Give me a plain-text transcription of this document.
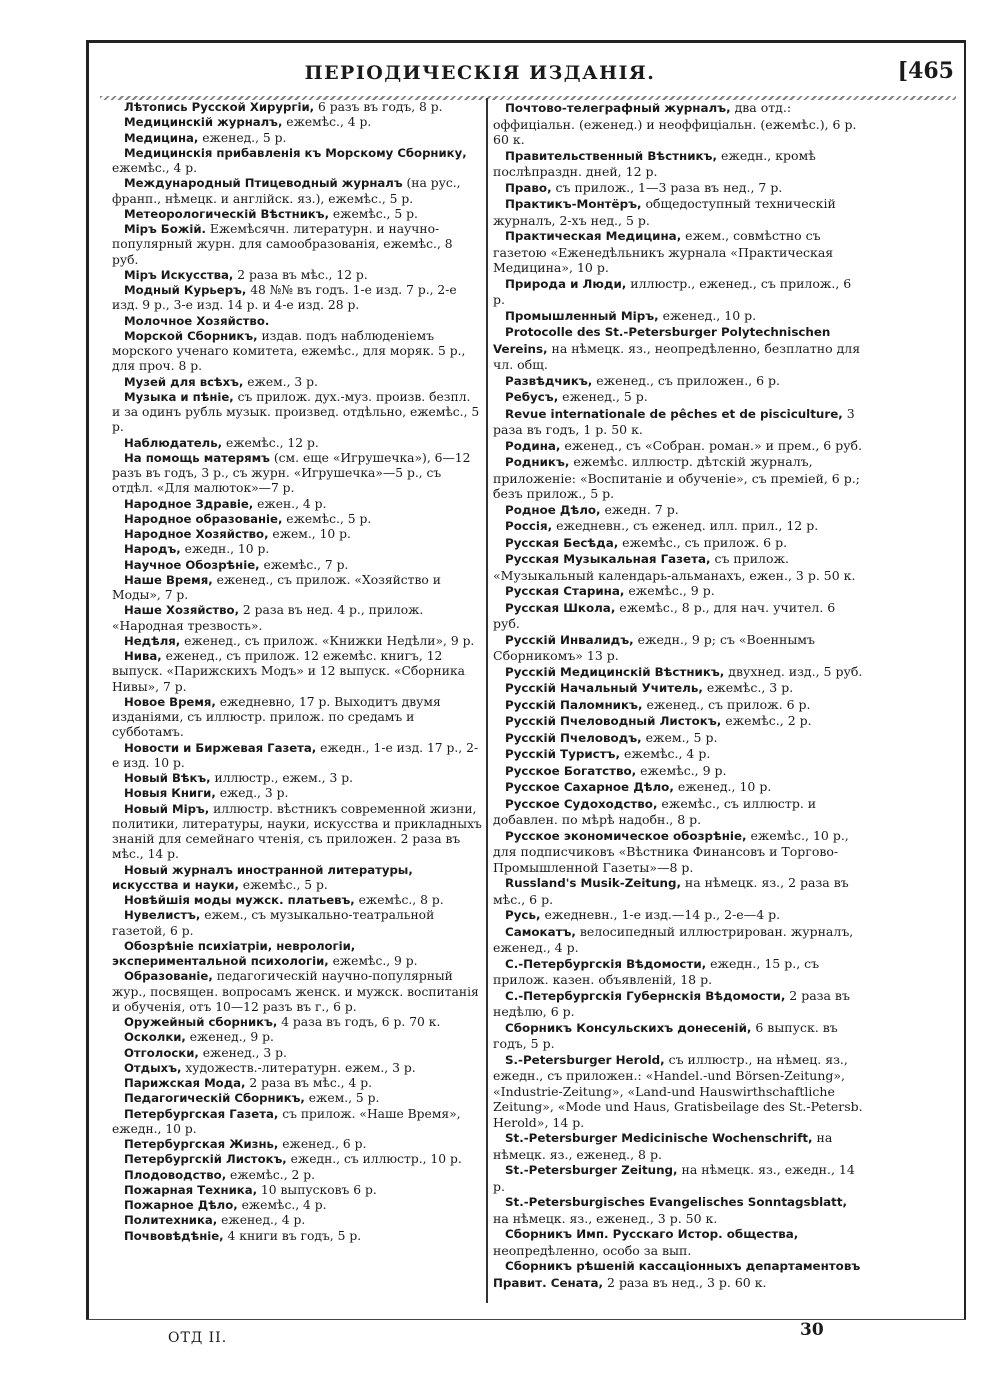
ПЕРІОДИЧЕСКІЯ ИЗДАНІЯ.	[465
Лѣтопись Русской Хирургіи, 6 разъ въ годъ, 8 р.
Медицинскій журналъ, ежемѣс., 4 р.
Медицина, еженед., 5 р.
Медицинскія прибавленія къ Морскому Сборнику, ежемѣс., 4 р.
Международный Птицеводный журналъ (на рус., франп., нѣмецк. и англійск. яз.), ежемѣс., 5 р.
Метеорологическій Вѣстникъ, ежемѣс., 5 р.
Міръ Божій. Ежемѣсячн. литературн. и научно-популярный журн. для самообразованія, ежемѣс., 8 руб.
Міръ Искусства, 2 раза въ мѣс., 12 р.
Модный Курьеръ, 48 №№ въ годъ. 1-е изд. 7 р., 2-е изд. 9 р., 3-е изд. 14 р. и 4-е изд. 28 р.
Молочное Хозяйство.
Морской Сборникъ, издав. подъ наблюденіемъ морского ученаго комитета, ежемѣс., для моряк. 5 р., для проч. 8 р.
Музей для всѣхъ, ежем., 3 р.
Музыка и пѣніе, съ прилож. дух.-муз. произв. безпл. и за одинъ рубль музык. произвед. отдѣльно, ежемѣс., 5 р.
Наблюдатель, ежемѣс., 12 р.
На помощь матерямъ (см. еще «Игрушечка»), 6—12 разъ въ годъ, 3 р., съ журн. «Игрушечка»—5 р., съ отдѣл. «Для малюток»—7 р.
Народное Здравіе, ежен., 4 р.
Народное образованіе, ежемѣс., 5 р.
Народное Хозяйство, ежем., 10 р.
Народъ, ежедн., 10 р.
Научное Обозрѣніе, ежемѣс., 7 р.
Наше Время, еженед., съ прилож. «Хозяйство и Моды», 7 р.
Наше Хозяйство, 2 раза въ нед. 4 р., прилож. «Народная трезвость».
Недѣля, еженед., съ прилож. «Книжки Недѣли», 9 р.
Нива, еженед., съ прилож. 12 ежемѣс. книгъ, 12 выпуск. «Парижскихъ Модъ» и 12 выпуск. «Сборника Нивы», 7 р.
Новое Время, ежедневно, 17 р. Выходитъ двумя изданіями, съ иллюстр. прилож. по средамъ и субботамъ.
Новости и Биржевая Газета, ежедн., 1-е изд. 17 р., 2-е изд. 10 р.
Новый Вѣкъ, иллюстр., ежем., 3 р.
Новыя Книги, ежед., 3 р.
Новый Міръ, иллюстр. вѣстникъ современной жизни, политики, литературы, науки, искусства и прикладныхъ знаній для семейнаго чтенія, съ приложен. 2 раза въ мѣс., 14 р.
Новый журналъ иностранной литературы, искусства и науки, ежемѣс., 5 р.
Новѣйшія моды мужск. платьевъ, ежемѣс., 8 р.
Нувелистъ, ежем., съ музыкально-театральной газетой, 6 р.
Обозрѣніе психіатріи, неврологіи, экспериментальной психологіи, ежемѣс., 9 р.
Образованіе, педагогическій научно-популярный жур., посвящен. вопросамъ женск. и мужск. воспитанія и обученія, отъ 10—12 разъ въ г., 6 р.
Оружейный сборникъ, 4 раза въ годъ, 6 р. 70 к.
Осколки, еженед., 9 р.
Отголоски, еженед., 3 р.
Отдыхъ, художеств.-литературн. ежем., 3 р.
Парижская Мода, 2 раза въ мѣс., 4 р.
Педагогическій Сборникъ, ежем., 5 р.
Петербургская Газета, съ прилож. «Наше Время», ежедн., 10 р.
Петербургская Жизнь, еженед., 6 р.
Петербургскій Листокъ, ежедн., съ иллюстр., 10 р.
Плодоводство, ежемѣс., 2 р.
Пожарная Техника, 10 выпусковъ 6 р.
Пожарное Дѣло, ежемѣс., 4 р.
Политехника, еженед., 4 р.
Почвовѣдѣніе, 4 книги въ годъ, 5 р.
Почтово-телеграфный журналъ, два отд.: оффиціальн. (еженед.) и неоффиціальн. (ежемѣс.), 6 р. 60 к.
Правительственный Вѣстникъ, ежедн., кромѣ послѣпраздн. дней, 12 р.
Право, съ прилож., 1—3 раза въ нед., 7 р.
Практикъ-Монтёръ, общедоступный техническій журналъ, 2-хъ нед., 5 р.
Практическая Медицина, ежем., совмѣстно съ газетою «Еженедѣльникъ журнала «Практическая Медицина», 10 р.
Природа и Люди, иллюстр., еженед., съ прилож., 6 р.
Промышленный Міръ, еженед., 10 р.
Protocolle des St.-Petersburger Polytechnischen Vereins, на нѣмецк. яз., неопредѣленно, безплатно для чл. общ.
Развѣдчикъ, еженед., съ приложен., 6 р.
Ребусъ, еженед., 5 р.
Revue internationale de pêches et de pisciculture, 3 раза въ годъ, 1 р. 50 к.
Родина, еженед., съ «Собран. роман.» и прем., 6 руб.
Родникъ, ежемѣс. иллюстр. дѣтскій журналъ, приложеніе: «Воспитаніе и обученіе», съ преміей, 6 р.; безъ прилож., 5 р.
Родное Дѣло, ежедн. 7 р.
Россія, ежедневн., съ еженед. илл. прил., 12 р.
Русская Бесѣда, ежемѣс., съ прилож. 6 р.
Русская Музыкальная Газета, съ прилож. «Музыкальный календарь-альманахъ, ежен., 3 р. 50 к.
Русская Старина, ежемѣс., 9 р.
Русская Школа, ежемѣс., 8 р., для нач. учител. 6 руб.
Русскій Инвалидъ, ежедн., 9 р; съ «Военнымъ Сборникомъ» 13 р.
Русскій Медицинскій Вѣстникъ, двухнед. изд., 5 руб.
Русскій Начальный Учитель, ежемѣс., 3 р.
Русскій Паломникъ, еженед., съ прилож. 6 р.
Русскій Пчеловодный Листокъ, ежемѣс., 2 р.
Русскій Пчеловодъ, ежем., 5 р.
Русскій Туристъ, ежемѣс., 4 р.
Русское Богатство, ежемѣс., 9 р.
Русское Сахарное Дѣло, еженед., 10 р.
Русское Судоходство, ежемѣс., съ иллюстр. и добавлен. по мѣрѣ надобн., 8 р.
Русское экономическое обозрѣніе, ежемѣс., 10 р., для подписчиковъ «Вѣстника Финансовъ и Торгово-Промышленной Газеты»—8 р.
Russland's Musik-Zeitung, на нѣмецк. яз., 2 раза въ мѣс., 6 р.
Русь, ежедневн., 1-е изд.—14 р., 2-е—4 р.
Самокатъ, велосипедный иллюстрирован. журналъ, еженед., 4 р.
С.-Петербургскія Вѣдомости, ежедн., 15 р., съ прилож. казен. объявленій, 18 р.
С.-Петербургскія Губернскія Вѣдомости, 2 раза въ недѣлю, 6 р.
Сборникъ Консульскихъ донесеній, 6 выпуск. въ годъ, 5 р.
S.-Petersburger Herold, съ иллюстр., на нѣмец. яз., ежедн., съ приложен.: «Handel.-und Börsen-Zeitung», «Industrie-Zeitung», «Land-und Hauswirthschaftliche Zeitung», «Mode und Haus, Gratisbeilage des St.-Petersb. Herold», 14 р.
St.-Petersburger Medicinische Wochenschrift, на нѣмецк. яз., еженед., 8 р.
St.-Petersburger Zeitung, на нѣмецк. яз., ежедн., 14 р.
St.-Petersburgisches Evangelisches Sonntagsblatt, на нѣмецк. яз., еженед., 3 р. 50 к.
Сборникъ Имп. Русскаго Истор. общества, неопредѣленно, особо за вып.
Сборникъ рѣшеній кассаціонныхъ департаментовъ Правит. Сената, 2 раза въ нед., 3 р. 60 к.
ОТД II.	30
